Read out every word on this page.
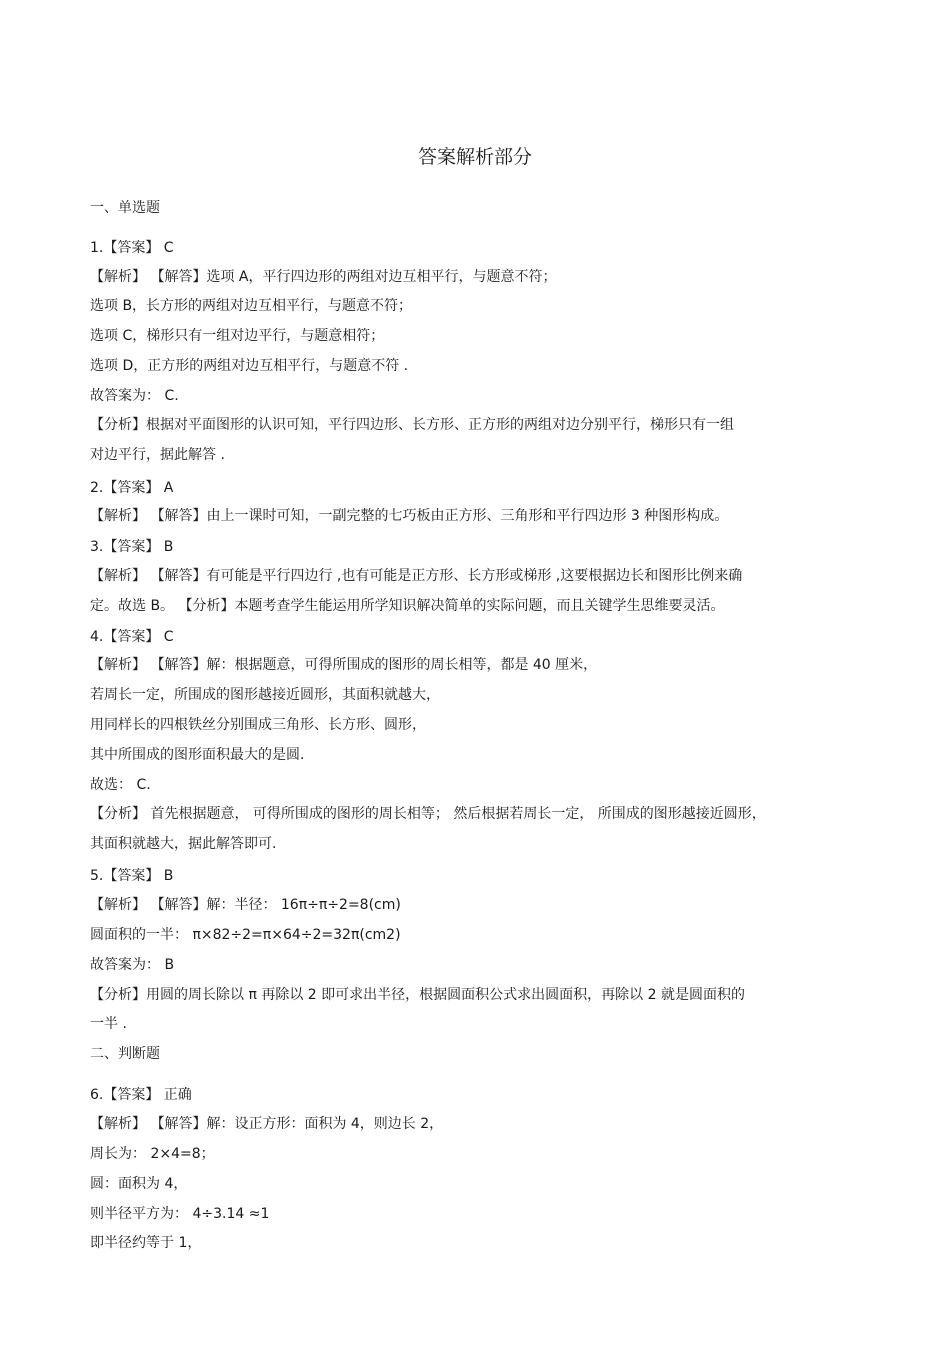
答案解析部分
一、单选题
1.【答案】 C
【解析】 【解答】选项 A，平行四边形的两组对边互相平行，与题意不符；
选项 B，长方形的两组对边互相平行，与题意不符；
选项 C，梯形只有一组对边平行，与题意相符；
选项 D，正方形的两组对边互相平行，与题意不符 .
故答案为： C.
【分析】根据对平面图形的认识可知，平行四边形、长方形、正方形的两组对边分别平行，梯形只有一组
对边平行，据此解答 .
2.【答案】 A
【解析】 【解答】由上一课时可知，一副完整的七巧板由正方形、三角形和平行四边形 3 种图形构成。
3.【答案】 B
【解析】 【解答】有可能是平行四边行 ,也有可能是正方形、长方形或梯形 ,这要根据边长和图形比例来确
定。故选 B。 【分析】本题考查学生能运用所学知识解决简单的实际问题，而且关键学生思维要灵活。
4.【答案】 C
【解析】 【解答】解：根据题意，可得所围成的图形的周长相等，都是 40 厘米，
若周长一定，所围成的图形越接近圆形，其面积就越大，
用同样长的四根铁丝分别围成三角形、长方形、圆形，
其中所围成的图形面积最大的是圆.
故选： C.
【分析】 首先根据题意， 可得所围成的图形的周长相等； 然后根据若周长一定， 所围成的图形越接近圆形，
其面积就越大，据此解答即可.
5.【答案】 B
【解析】 【解答】解：半径： 16π÷π÷2=8(cm)
圆面积的一半： π×82÷2=π×64÷2=32π(cm2)
故答案为： B
【分析】用圆的周长除以 π 再除以 2 即可求出半径，根据圆面积公式求出圆面积，再除以 2 就是圆面积的
一半 .
二、判断题
6.【答案】 正确
【解析】 【解答】解：设正方形：面积为 4，则边长 2，
周长为： 2×4=8；
圆：面积为 4，
则半径平方为： 4÷3.14 ≈1
即半径约等于 1，
